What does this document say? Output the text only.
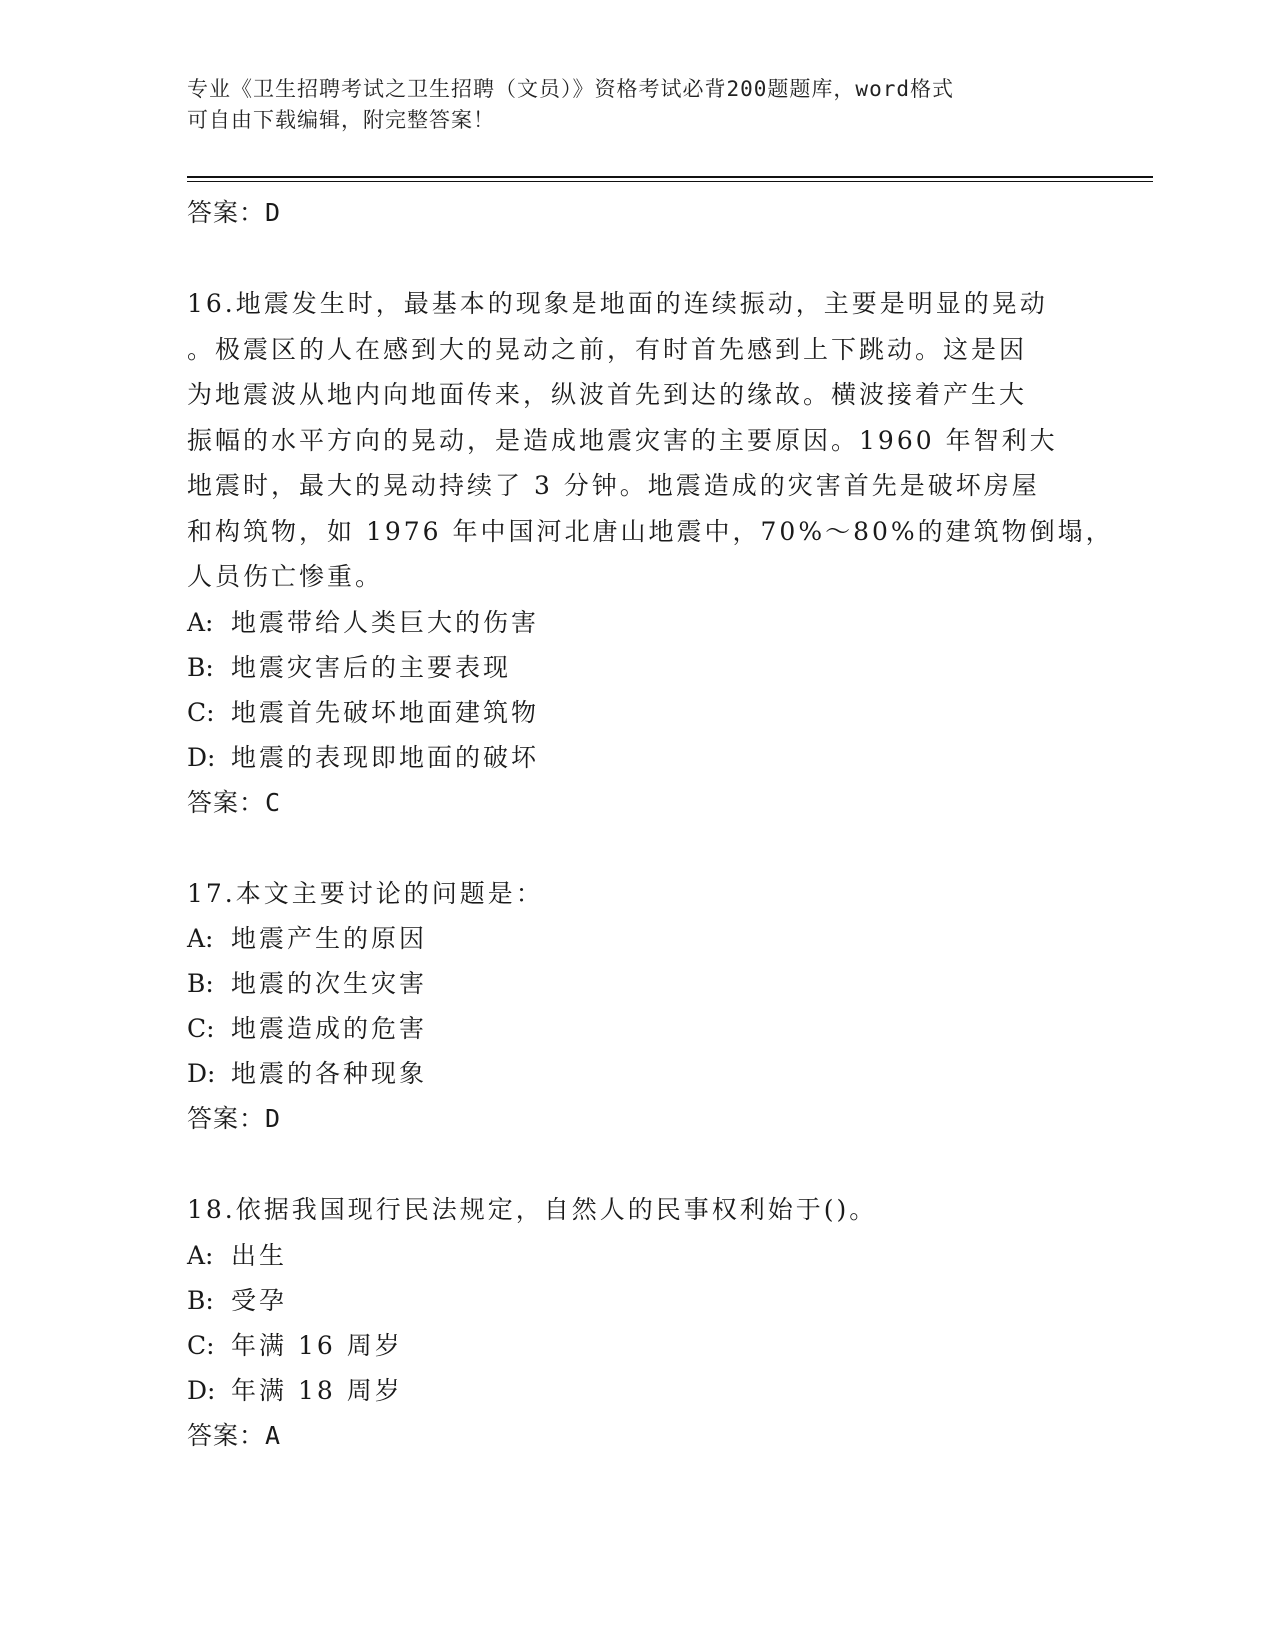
专业《卫生招聘考试之卫生招聘（文员）》资格考试必背200题题库，word格式
可自由下载编辑，附完整答案！
答案：D
16.地震发生时，最基本的现象是地面的连续振动，主要是明显的晃动
。极震区的人在感到大的晃动之前，有时首先感到上下跳动。这是因
为地震波从地内向地面传来，纵波首先到达的缘故。横波接着产生大
振幅的水平方向的晃动，是造成地震灾害的主要原因。1960 年智利大
地震时，最大的晃动持续了 3 分钟。地震造成的灾害首先是破坏房屋
和构筑物，如 1976 年中国河北唐山地震中，70%～80%的建筑物倒塌，
人员伤亡惨重。
A: 地震带给人类巨大的伤害
B: 地震灾害后的主要表现
C: 地震首先破坏地面建筑物
D: 地震的表现即地面的破坏
答案：C
17.本文主要讨论的问题是：
A: 地震产生的原因
B: 地震的次生灾害
C: 地震造成的危害
D: 地震的各种现象
答案：D
18.依据我国现行民法规定，自然人的民事权利始于()。
A: 出生
B: 受孕
C: 年满 16 周岁
D: 年满 18 周岁
答案：A
